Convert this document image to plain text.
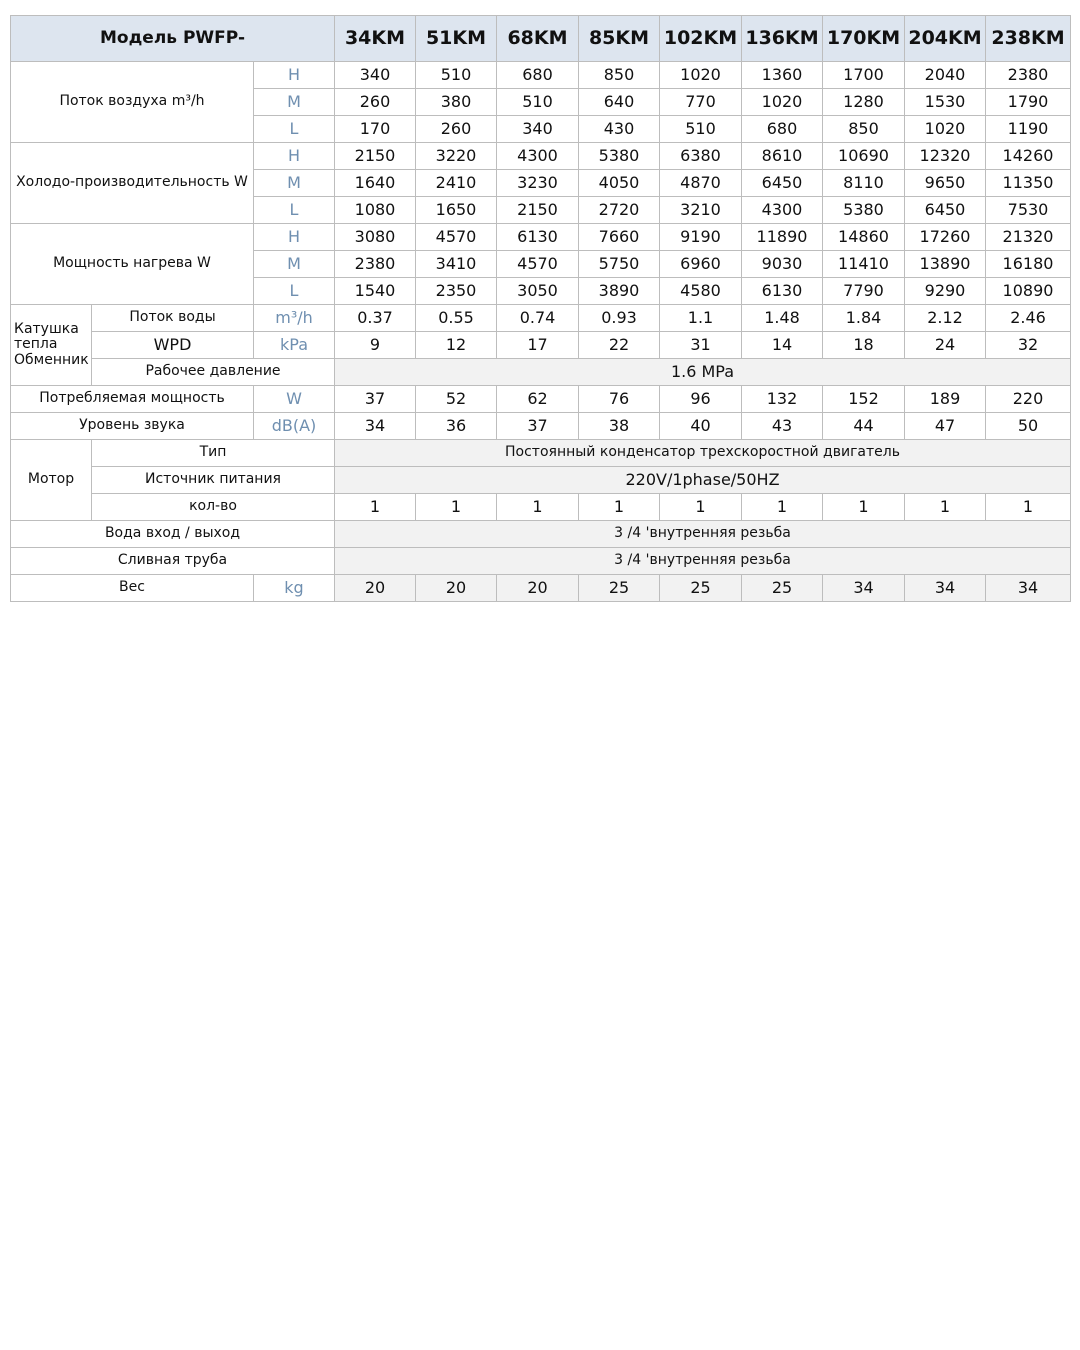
Модель PWFP-			34KM	51KM	68KM	85KM	102KM	136KM	170KM	204KM	238KM
Поток воздуха m³/h		H	340	510	680	850	1020	1360	1700	2040	2380
		M	260	380	510	640	770	1020	1280	1530	1790
		L	170	260	340	430	510	680	850	1020	1190
Холодо-производительность W		H	2150	3220	4300	5380	6380	8610	10690	12320	14260
		M	1640	2410	3230	4050	4870	6450	8110	9650	11350
		L	1080	1650	2150	2720	3210	4300	5380	6450	7530
Мощность нагрева W		H	3080	4570	6130	7660	9190	11890	14860	17260	21320
		M	2380	3410	4570	5750	6960	9030	11410	13890	16180
		L	1540	2350	3050	3890	4580	6130	7790	9290	10890
Катушка тепла Обменник	Поток воды	m³/h	0.37	0.55	0.74	0.93	1.1	1.48	1.84	2.12	2.46
	WPD	kPa	9	12	17	22	31	14	18	24	32
	Рабочее давление		1.6 MPa								
Потребляемая мощность		W	37	52	62	76	96	132	152	189	220
Уровень звука		dB(A)	34	36	37	38	40	43	44	47	50
Мотор	Тип		Постоянный конденсатор трехскоростной двигатель								
	Источник питания		220V/1phase/50HZ								
	кол-во		1	1	1	1	1	1	1	1	1
Вода вход / выход			3 /4 'внутренняя резьба								
Сливная труба			3 /4 'внутренняя резьба								
Вес		kg	20	20	20	25	25	25	34	34	34
